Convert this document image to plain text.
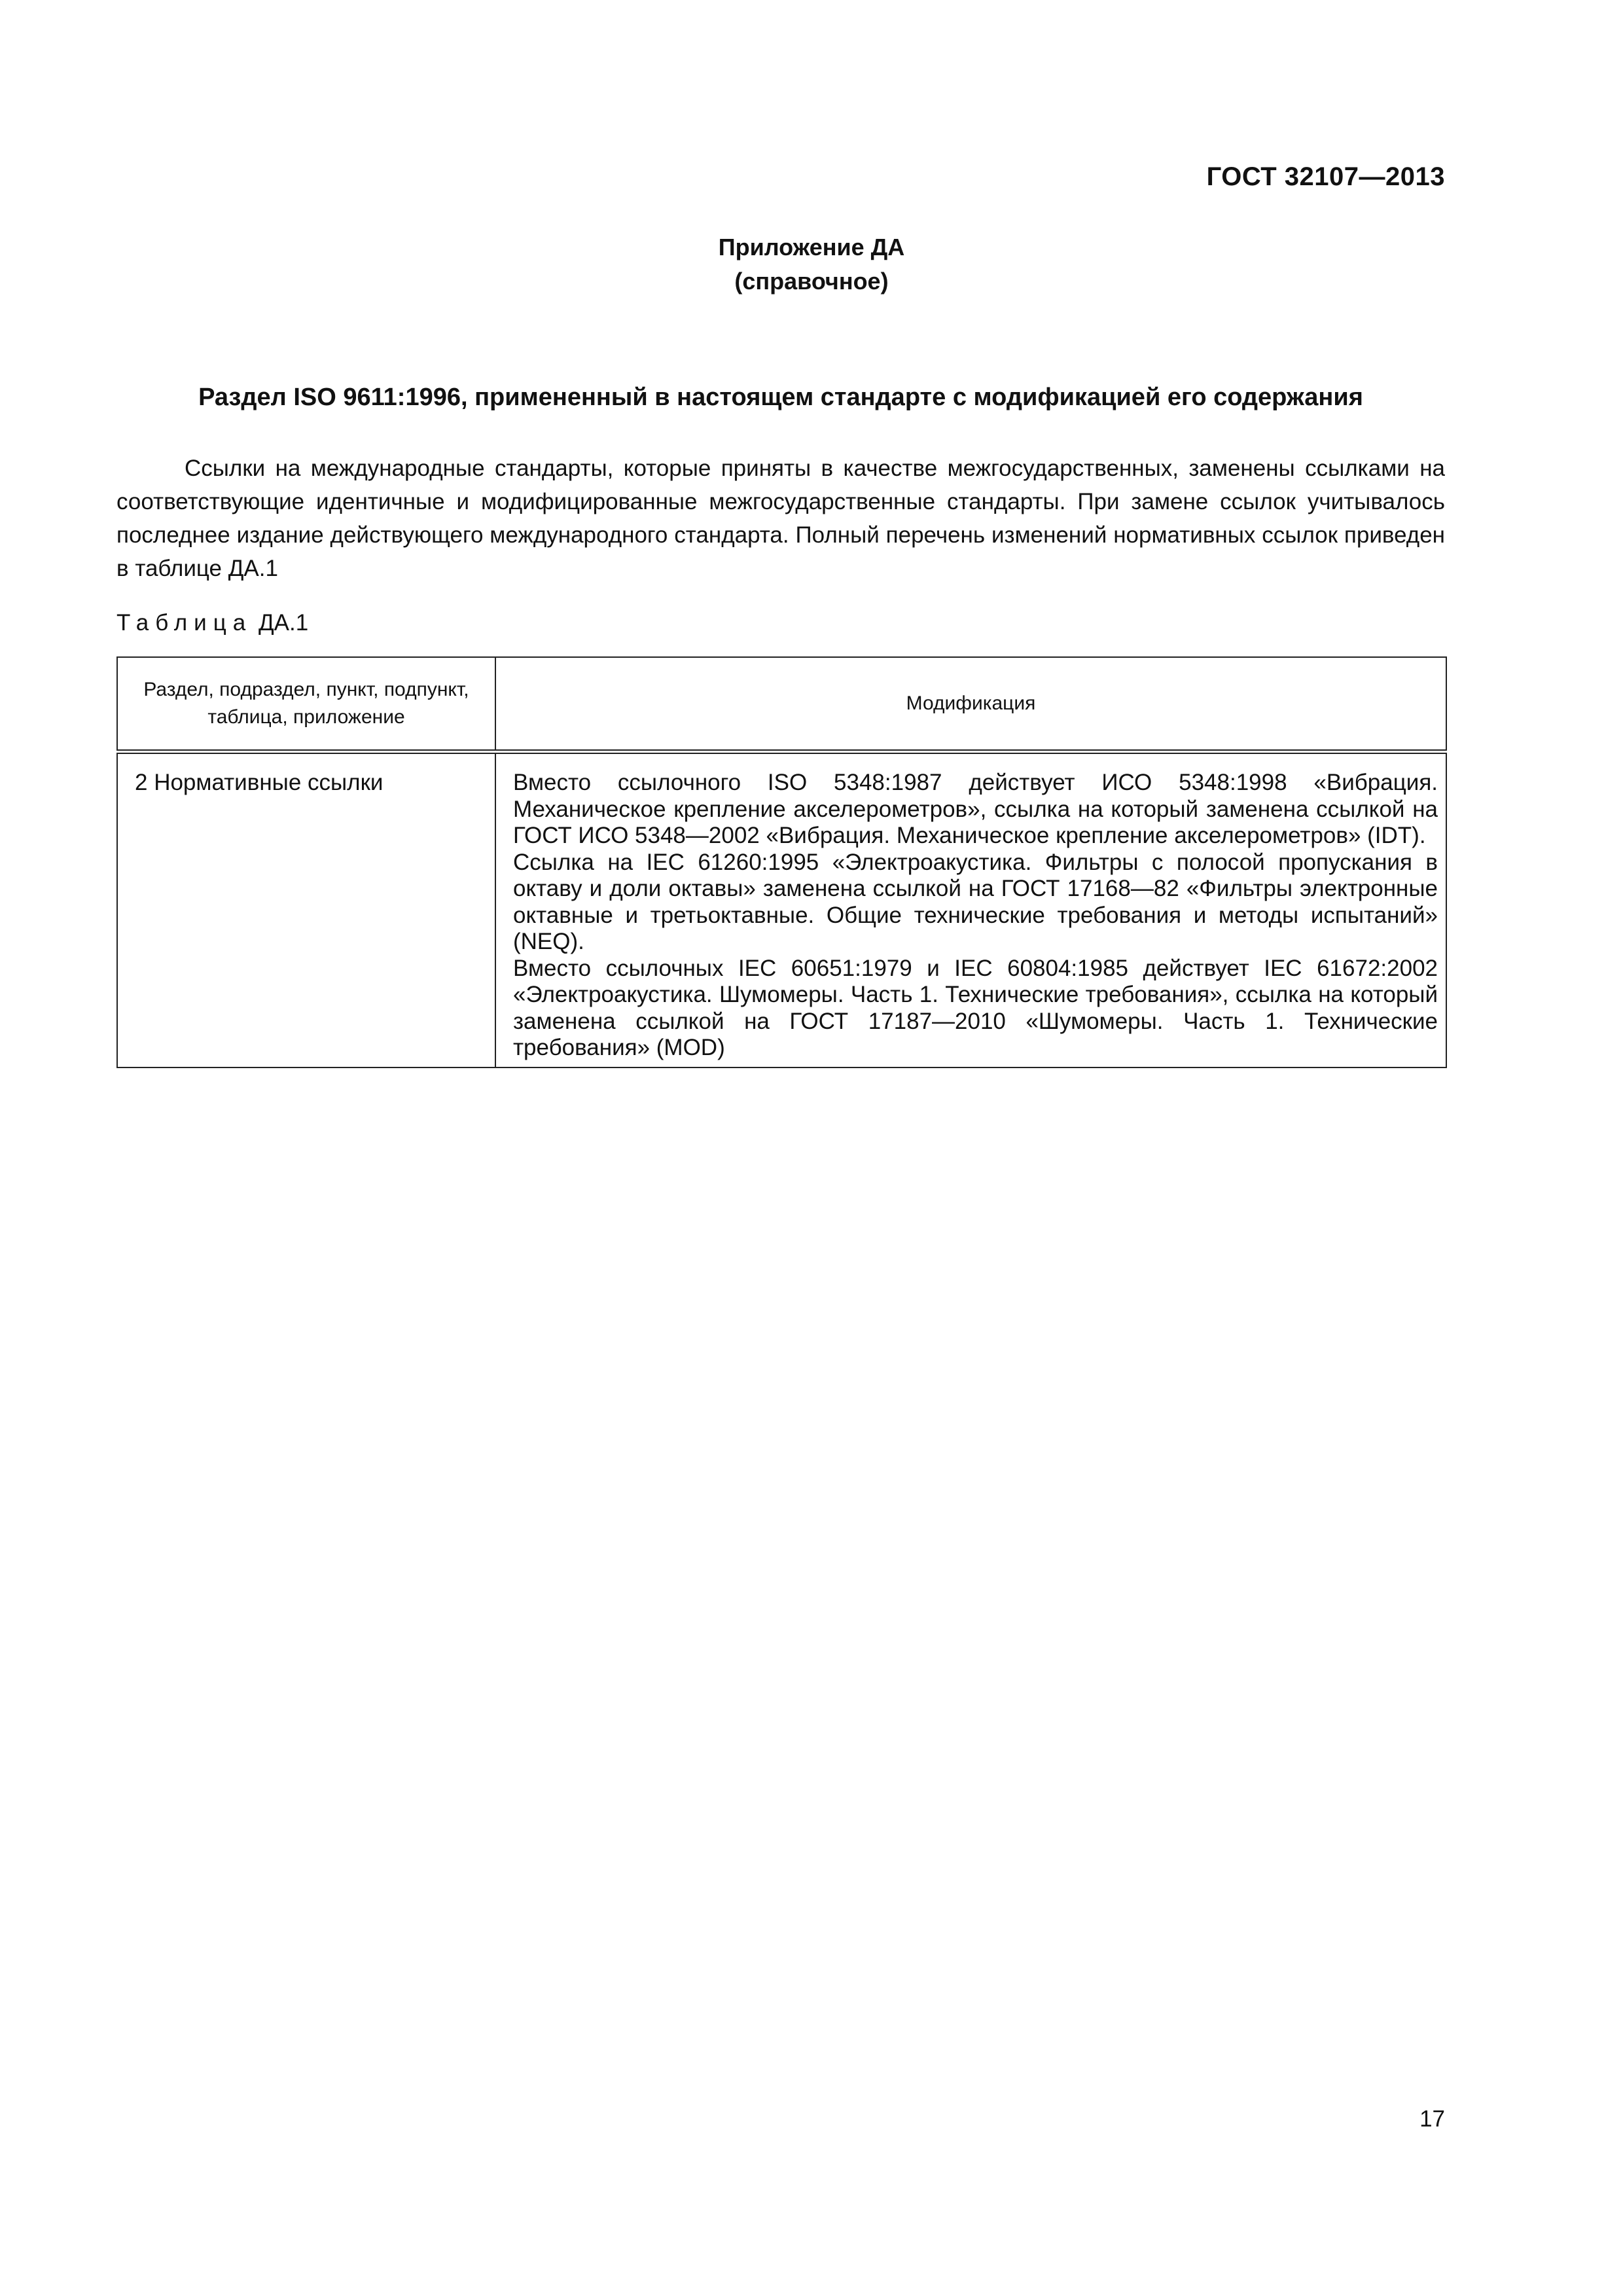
ГОСТ 32107—2013
Приложение ДА
(справочное)
Раздел ISO 9611:1996, примененный в настоящем стандарте с модификацией его содержания

Ссылки на международные стандарты, которые приняты в качестве межгосударственных, заменены ссылками на соответствующие идентичные и модифицированные межгосударственные стандарты. При замене ссылок учитывалось последнее издание действующего международного стандарта. Полный перечень изменений нормативных ссылок приведен в таблице ДА.1

Таблица ДА.1
Раздел, подраздел, пункт, подпункт, таблица, приложение	Модификация
2 Нормативные ссылки	Вместо ссылочного ISO 5348:1987 действует ИСО 5348:1998 «Вибрация. Механическое крепление акселерометров», ссылка на который заменена ссылкой на ГОСТ ИСО 5348—2002 «Вибрация. Механическое крепление акселерометров» (IDT).
Ссылка на IEC 61260:1995 «Электроакустика. Фильтры с полосой пропускания в октаву и доли октавы» заменена ссылкой на ГОСТ 17168—82 «Фильтры электронные октавные и третьоктавные. Общие технические требования и методы испытаний» (NEQ).
Вместо ссылочных IEC 60651:1979 и IEC 60804:1985 действует IEC 61672:2002 «Электроакустика. Шумомеры. Часть 1. Технические требования», ссылка на который заменена ссылкой на ГОСТ 17187—2010 «Шумомеры. Часть 1. Технические требования» (MOD)
17
